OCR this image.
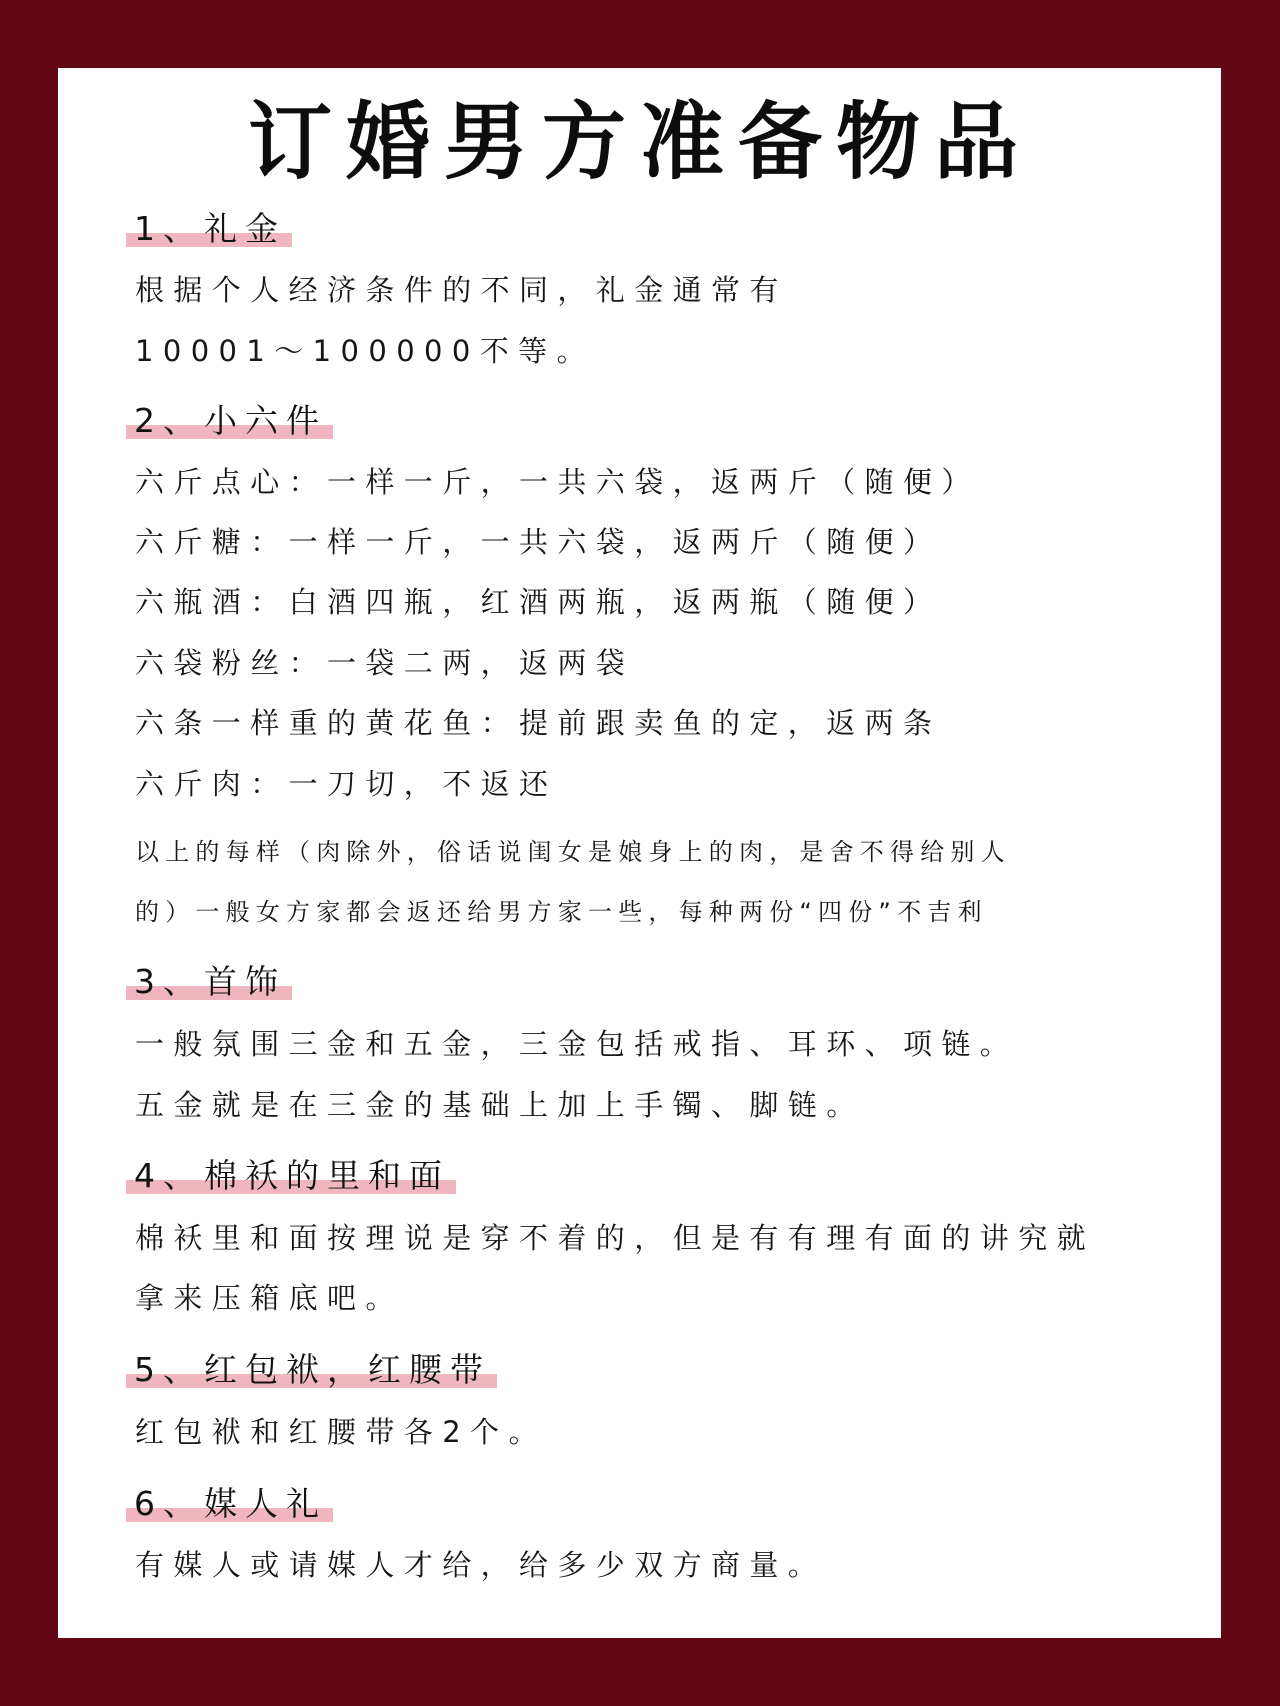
订婚男方准备物品
1、礼金
根据个人经济条件的不同，礼金通常有
10001～100000不等。
2、小六件
六斤点心：一样一斤，一共六袋，返两斤（随便）
六斤糖：一样一斤，一共六袋，返两斤（随便）
六瓶酒：白酒四瓶，红酒两瓶，返两瓶（随便）
六袋粉丝：一袋二两，返两袋
六条一样重的黄花鱼：提前跟卖鱼的定，返两条
六斤肉：一刀切，不返还
以上的每样（肉除外，俗话说闺女是娘身上的肉，是舍不得给别人
的）一般女方家都会返还给男方家一些，每种两份“四份”不吉利
3、首饰
一般氛围三金和五金，三金包括戒指、耳环、项链。
五金就是在三金的基础上加上手镯、脚链。
4、棉袄的里和面
棉袄里和面按理说是穿不着的，但是有有理有面的讲究就
拿来压箱底吧。
5、红包袱，红腰带
红包袱和红腰带各2个。
6、媒人礼
有媒人或请媒人才给，给多少双方商量。
